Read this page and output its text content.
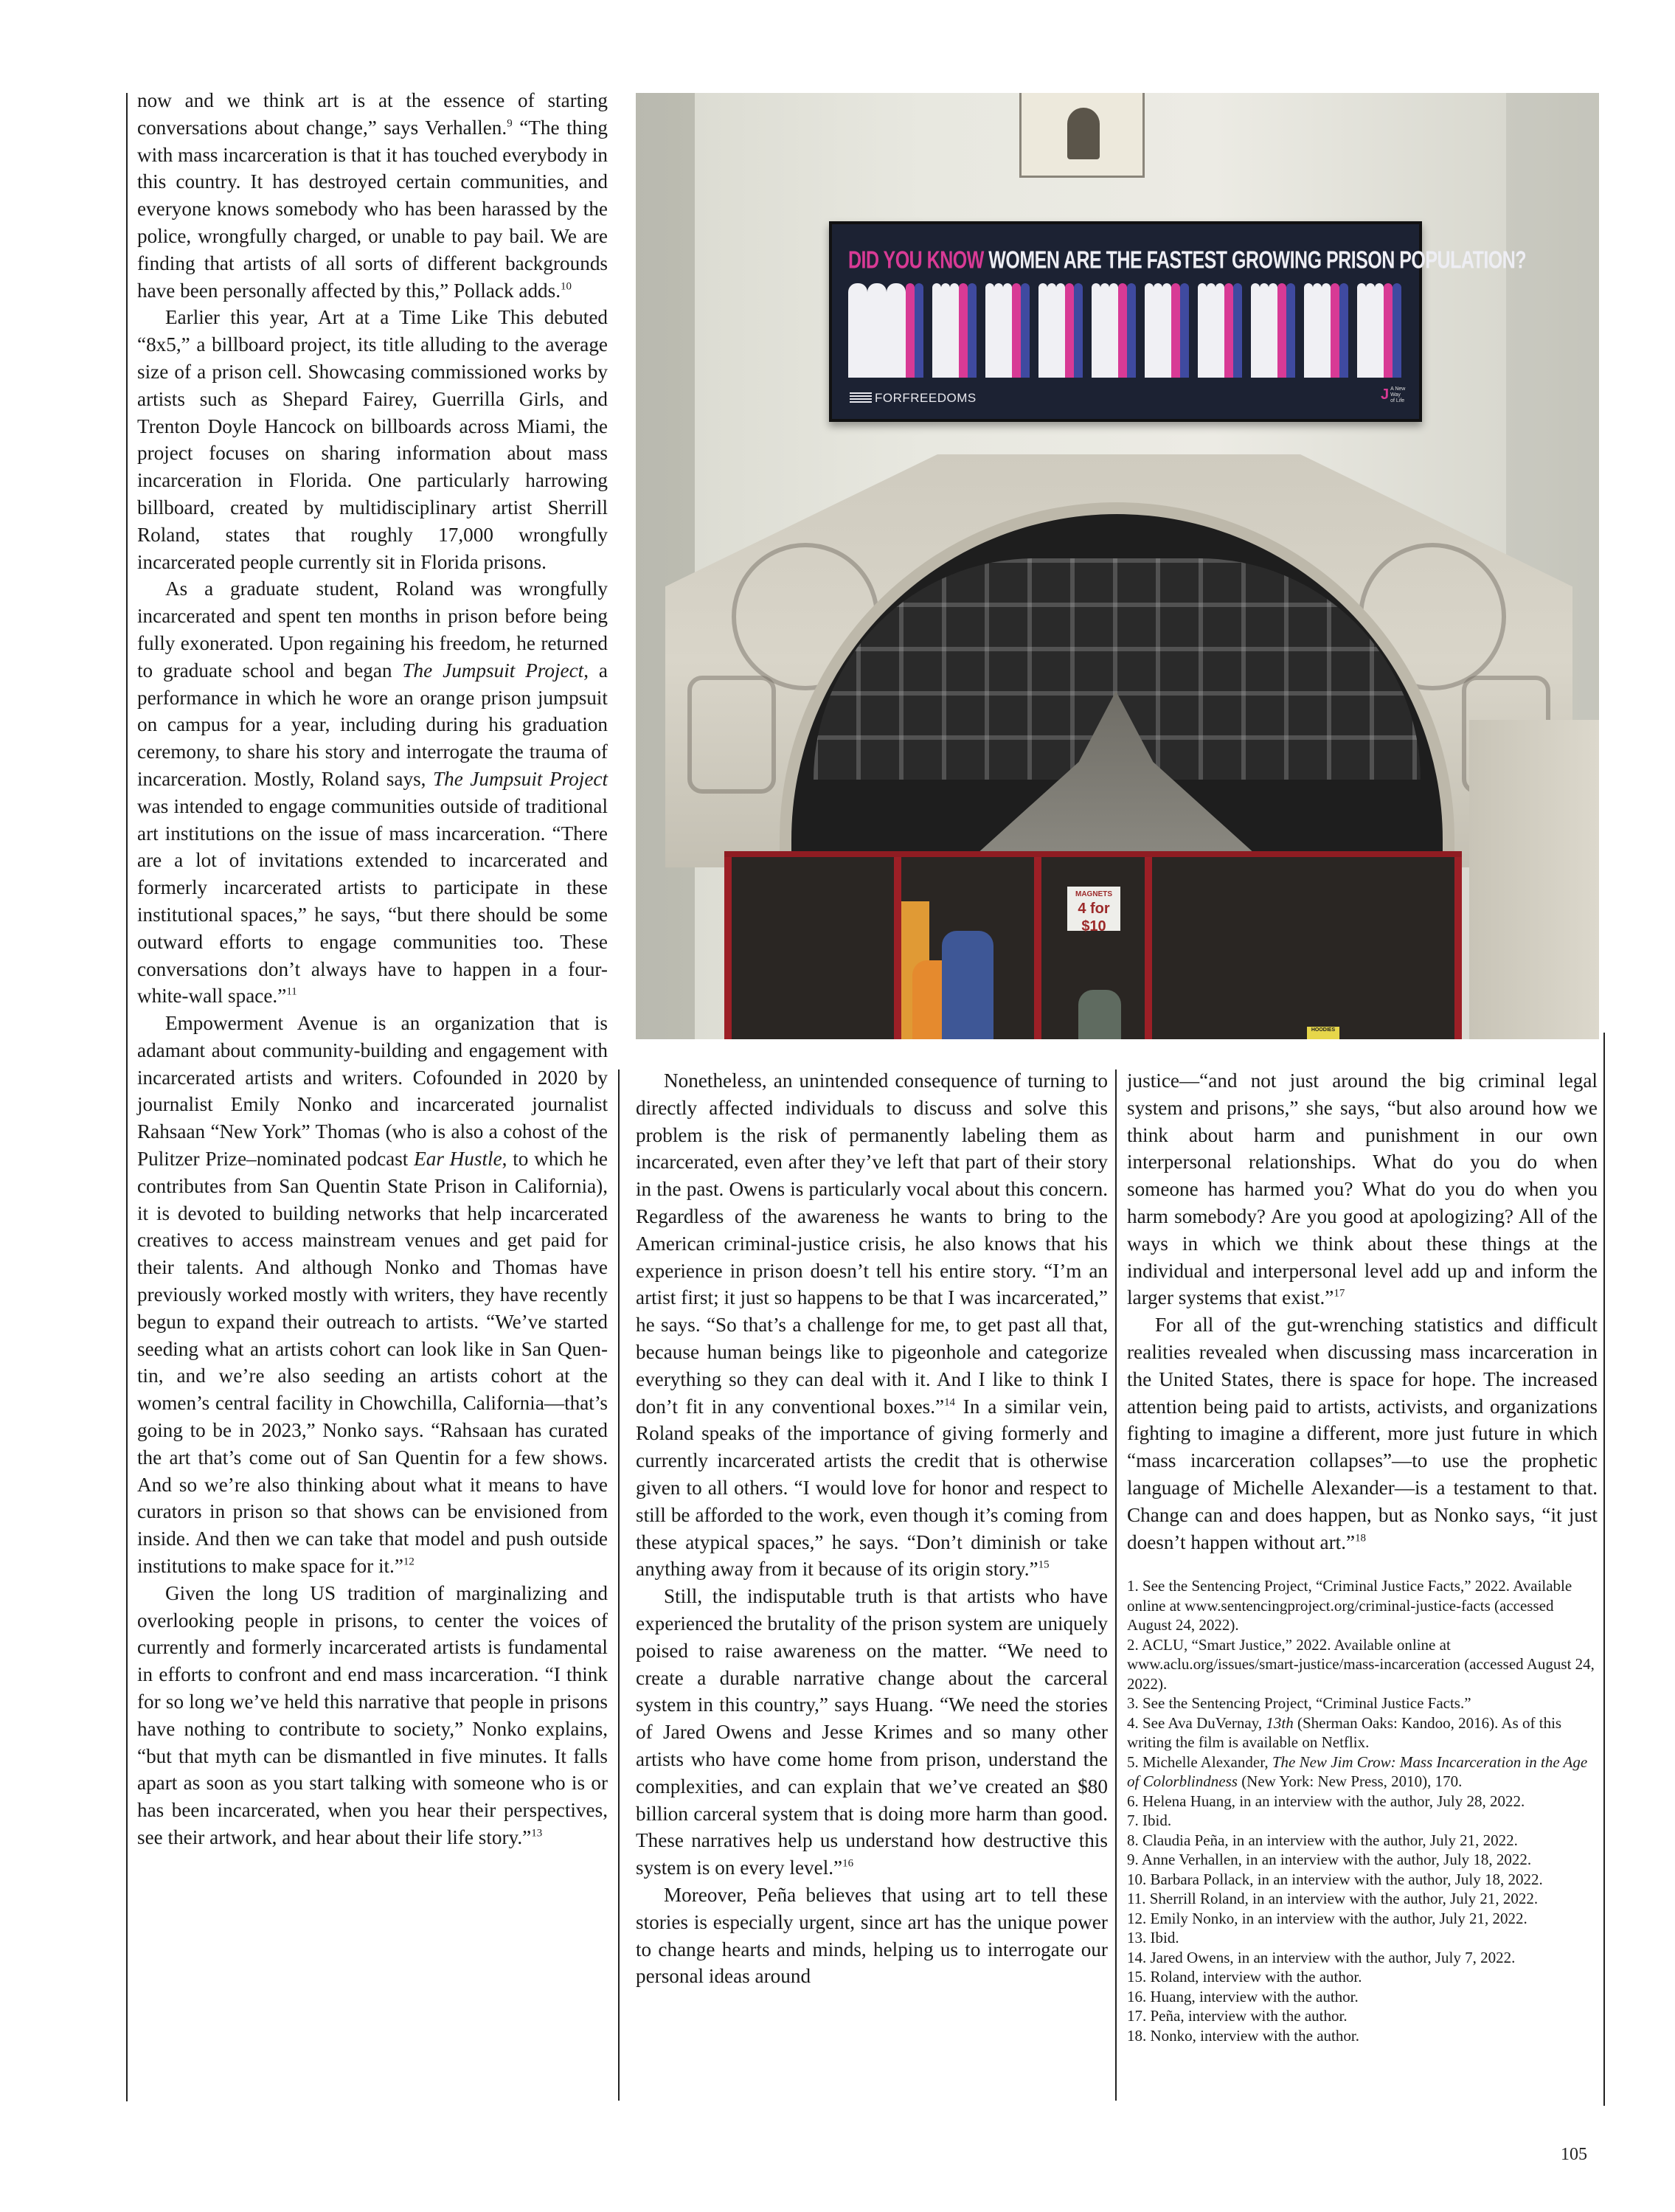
now and we think art is at the essence of starting conversations about change,” says Verhallen.$^9$ “The thing with mass incarceration is that it has touched everybody in this country. It has destroyed certain communities, and everyone knows somebody who has been harassed by the police, wrongfully charged, or unable to pay bail. We are finding that artists of all sorts of different backgrounds have been personally affected by this,” Pollack adds.$^{10}$

Earlier this year, Art at a Time Like This debuted “8x5,” a billboard project, its title alluding to the average size of a prison cell. Showcasing commissioned works by artists such as Shepard Fairey, Guerrilla Girls, and Trenton Doyle Hancock on billboards across Miami, the project focuses on sharing information about mass incarceration in Florida. One particularly harrowing billboard, created by multidisciplinary artist Sherrill Roland, states that roughly 17,000 wrongfully incarcerated people currently sit in Florida prisons.

As a graduate student, Roland was wrongfully incarcerated and spent ten months in prison before being fully exonerated. Upon regaining his freedom, he returned to graduate school and began The Jumpsuit Project, a performance in which he wore an orange prison jumpsuit on campus for a year, including during his graduation ceremony, to share his story and interrogate the trauma of incarceration. Mostly, Roland says, The Jumpsuit Project was intended to engage communities outside of traditional art institutions on the issue of mass incarceration. “There are a lot of invitations extended to incarcerated and formerly incarcerated artists to participate in these institutional spaces,” he says, “but there should be some outward efforts to engage communities too. These conversations don’t always have to happen in a four-white-wall space.”$^{11}$

Empowerment Avenue is an organization that is adamant about community-building and engagement with incarcerated artists and writers. Cofounded in 2020 by journalist Emily Nonko and incarcerated journalist Rahsaan “New York” Thomas (who is also a cohost of the Pulitzer Prize–nominated podcast Ear Hustle, to which he contributes from San Quentin State Prison in California), it is devoted to building networks that help incarcerated creatives to access mainstream venues and get paid for their talents. And although Nonko and Thomas have previously worked mostly with writers, they have recently begun to expand their outreach to artists. “We’ve started seeding what an artists cohort can look like in San Quentin, and we’re also seeding an artists cohort at the women’s central facility in Chowchilla, California—that’s going to be in 2023,” Nonko says. “Rahsaan has curated the art that’s come out of San Quentin for a few shows. And so we’re also thinking about what it means to have curators in prison so that shows can be envisioned from inside. And then we can take that model and push outside institutions to make space for it.”$^{12}$

Given the long US tradition of marginalizing and overlooking people in prisons, to center the voices of currently and formerly incarcerated artists is fundamental in efforts to confront and end mass incarceration. “I think for so long we’ve held this narrative that people in prisons have nothing to contribute to society,” Nonko explains, “but that myth can be dismantled in five minutes. It falls apart as soon as you start talking with someone who is or has been incarcerated, when you hear their perspectives, see their artwork, and hear about their life story.”$^{13}$

DID YOU KNOW WOMEN ARE THE FASTEST GROWING PRISON POPULATION?
FORFREEDOMS	J A New Way of Life
MAGNETS
4 for $10
HOODIES

Nonetheless, an unintended consequence of turning to directly affected individuals to discuss and solve this problem is the risk of permanently labeling them as incarcerated, even after they’ve left that part of their story in the past. Owens is particularly vocal about this concern. Regardless of the awareness he wants to bring to the American criminal-justice crisis, he also knows that his experience in prison doesn’t tell his entire story. “I’m an artist first; it just so happens to be that I was incarcerated,” he says. “So that’s a challenge for me, to get past all that, because human beings like to pigeonhole and categorize everything so they can deal with it. And I like to think I don’t fit in any conventional boxes.”$^{14}$ In a similar vein, Roland speaks of the importance of giving formerly and currently incarcerated artists the credit that is otherwise given to all others. “I would love for honor and respect to still be afforded to the work, even though it’s coming from these atypical spaces,” he says. “Don’t diminish or take anything away from it because of its origin story.”$^{15}$

Still, the indisputable truth is that artists who have experienced the brutality of the prison system are uniquely poised to raise awareness on the matter. “We need to create a durable narrative change about the carceral system in this country,” says Huang. “We need the stories of Jared Owens and Jesse Krimes and so many other artists who have come home from prison, understand the complexities, and can explain that we’ve created an $80 billion carceral system that is doing more harm than good. These narratives help us understand how destructive this system is on every level.”$^{16}$

Moreover, Peña believes that using art to tell these stories is especially urgent, since art has the unique power to change hearts and minds, helping us to interrogate our personal ideas around

justice—“and not just around the big criminal legal system and prisons,” she says, “but also around how we think about harm and punishment in our own interpersonal relationships. What do you do when someone has harmed you? What do you do when you harm somebody? Are you good at apologizing? All of the ways in which we think about these things at the individual and interpersonal level add up and inform the larger systems that exist.”$^{17}$

For all of the gut-wrenching statistics and difficult realities revealed when discussing mass incarceration in the United States, there is space for hope. The increased attention being paid to artists, activists, and organizations fighting to imagine a different, more just future in which “mass incarceration collapses”—to use the prophetic language of Michelle Alexander—is a testament to that. Change can and does happen, but as Nonko says, “it just doesn’t happen without art.”$^{18}$

1. See the Sentencing Project, “Criminal Justice Facts,” 2022. Available online at www.sentencingproject.org/criminal-justice-facts (accessed August 24, 2022).
2. ACLU, “Smart Justice,” 2022. Available online at www.aclu.org/issues/smart-justice/mass-incarceration (accessed August 24, 2022).
3. See the Sentencing Project, “Criminal Justice Facts.”
4. See Ava DuVernay, 13th (Sherman Oaks: Kandoo, 2016). As of this writing the film is available on Netflix.
5. Michelle Alexander, The New Jim Crow: Mass Incarceration in the Age of Colorblindness (New York: New Press, 2010), 170.
6. Helena Huang, in an interview with the author, July 28, 2022.
7. Ibid.
8. Claudia Peña, in an interview with the author, July 21, 2022.
9. Anne Verhallen, in an interview with the author, July 18, 2022.
10. Barbara Pollack, in an interview with the author, July 18, 2022.
11. Sherrill Roland, in an interview with the author, July 21, 2022.
12. Emily Nonko, in an interview with the author, July 21, 2022.
13. Ibid.
14. Jared Owens, in an interview with the author, July 7, 2022.
15. Roland, interview with the author.
16. Huang, interview with the author.
17. Peña, interview with the author.
18. Nonko, interview with the author.
105
